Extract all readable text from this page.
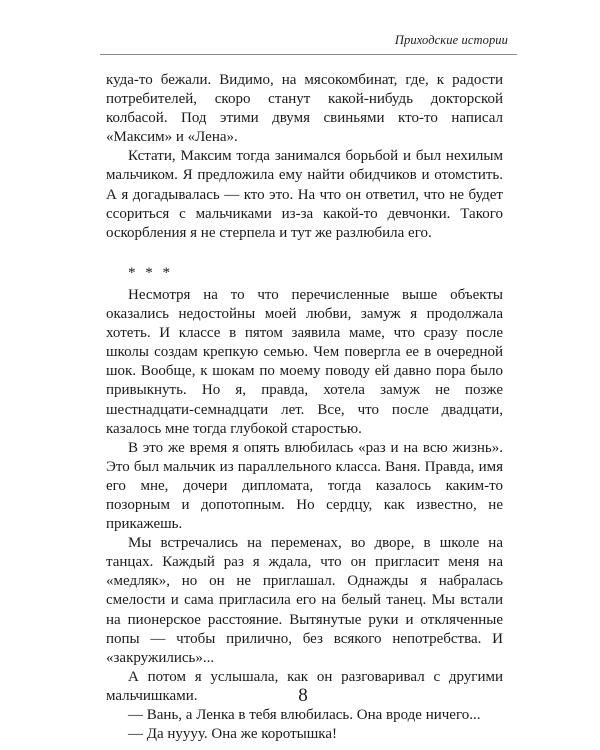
Приходские истории

куда-то бежали. Видимо, на мясокомбинат, где, к радости потребителей, скоро станут какой-нибудь докторской колбасой. Под этими двумя свиньями кто-то написал «Максим» и «Лена».

Кстати, Максим тогда занимался борьбой и был нехилым мальчиком. Я предложила ему найти обидчиков и отомстить. А я догадывалась — кто это. На что он ответил, что не будет ссориться с мальчиками из-за какой-то девчонки. Такого оскорбления я не стерпела и тут же разлюбила его.

* * *

Несмотря на то что перечисленные выше объекты оказались недостойны моей любви, замуж я продолжала хотеть. И классе в пятом заявила маме, что сразу после школы создам крепкую семью. Чем повергла ее в очередной шок. Вообще, к шокам по моему поводу ей давно пора было привыкнуть. Но я, правда, хотела замуж не позже шестнадцати-семнадцати лет. Все, что после двадцати, казалось мне тогда глубокой старостью.

В это же время я опять влюбилась «раз и на всю жизнь». Это был мальчик из параллельного класса. Ваня. Правда, имя его мне, дочери дипломата, тогда казалось каким-то позорным и допотопным. Но сердцу, как известно, не прикажешь.

Мы встречались на переменах, во дворе, в школе на танцах. Каждый раз я ждала, что он пригласит меня на «медляк», но он не приглашал. Однажды я набралась смелости и сама пригласила его на белый танец. Мы встали на пионерское расстояние. Вытянутые руки и откляченные попы — чтобы прилично, без всякого непотребства. И «закружились»...

А потом я услышала, как он разговаривал с другими мальчишками.

— Вань, а Ленка в тебя влюбилась. Она вроде ничего...

— Да нуууу. Она же коротышка!

8
